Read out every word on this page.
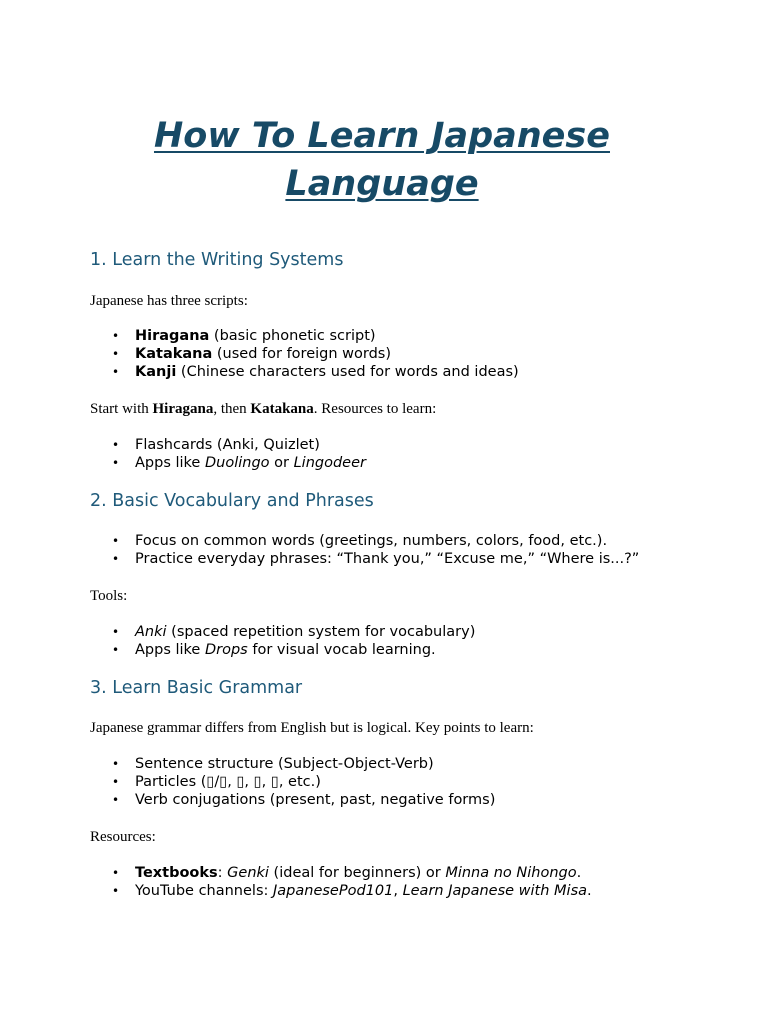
How To Learn Japanese
Language
1. Learn the Writing Systems

Japanese has three scripts:

• Hiragana (basic phonetic script)
• Katakana (used for foreign words)
• Kanji (Chinese characters used for words and ideas)

Start with Hiragana, then Katakana. Resources to learn:

• Flashcards (Anki, Quizlet)
• Apps like Duolingo or Lingodeer
2. Basic Vocabulary and Phrases
• Focus on common words (greetings, numbers, colors, food, etc.).
• Practice everyday phrases: “Thank you,” “Excuse me,” “Where is...?”

Tools:

• Anki (spaced repetition system for vocabulary)
• Apps like Drops for visual vocab learning.
3. Learn Basic Grammar

Japanese grammar differs from English but is logical. Key points to learn:

• Sentence structure (Subject-Object-Verb)
• Particles (▯/▯, ▯, ▯, ▯, etc.)
• Verb conjugations (present, past, negative forms)

Resources:

• Textbooks: Genki (ideal for beginners) or Minna no Nihongo.
• YouTube channels: JapanesePod101, Learn Japanese with Misa.
